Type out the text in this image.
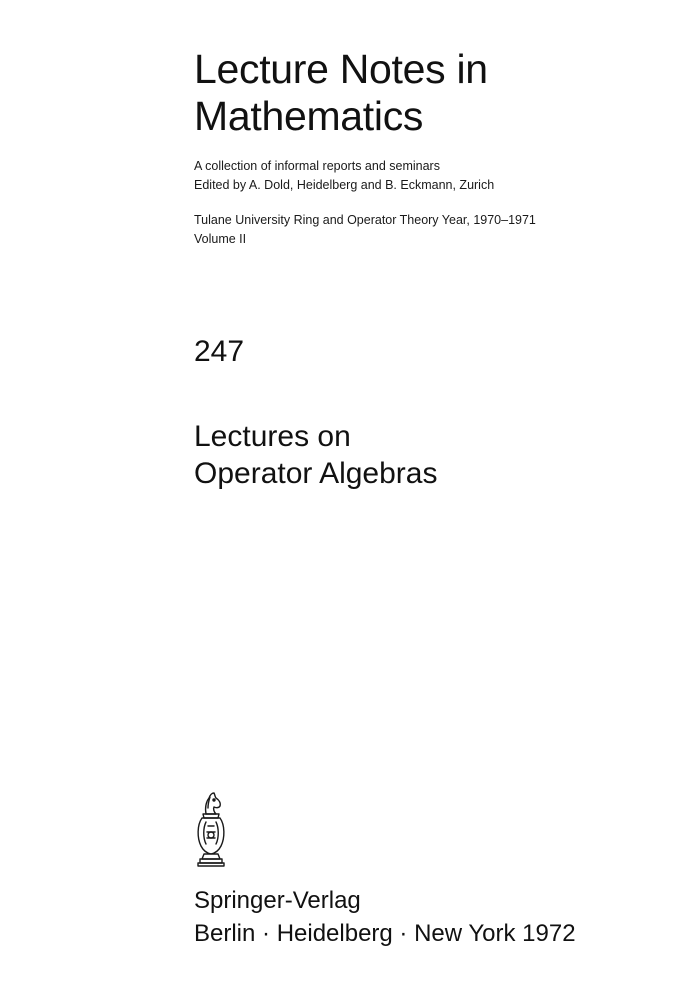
Lecture Notes in
Mathematics
A collection of informal reports and seminars
Edited by A. Dold, Heidelberg and B. Eckmann, Zurich
Tulane University Ring and Operator Theory Year, 1970–1971
Volume II
247
Lectures on
Operator Algebras
Springer-Verlag
Berlin · Heidelberg · New York 1972
